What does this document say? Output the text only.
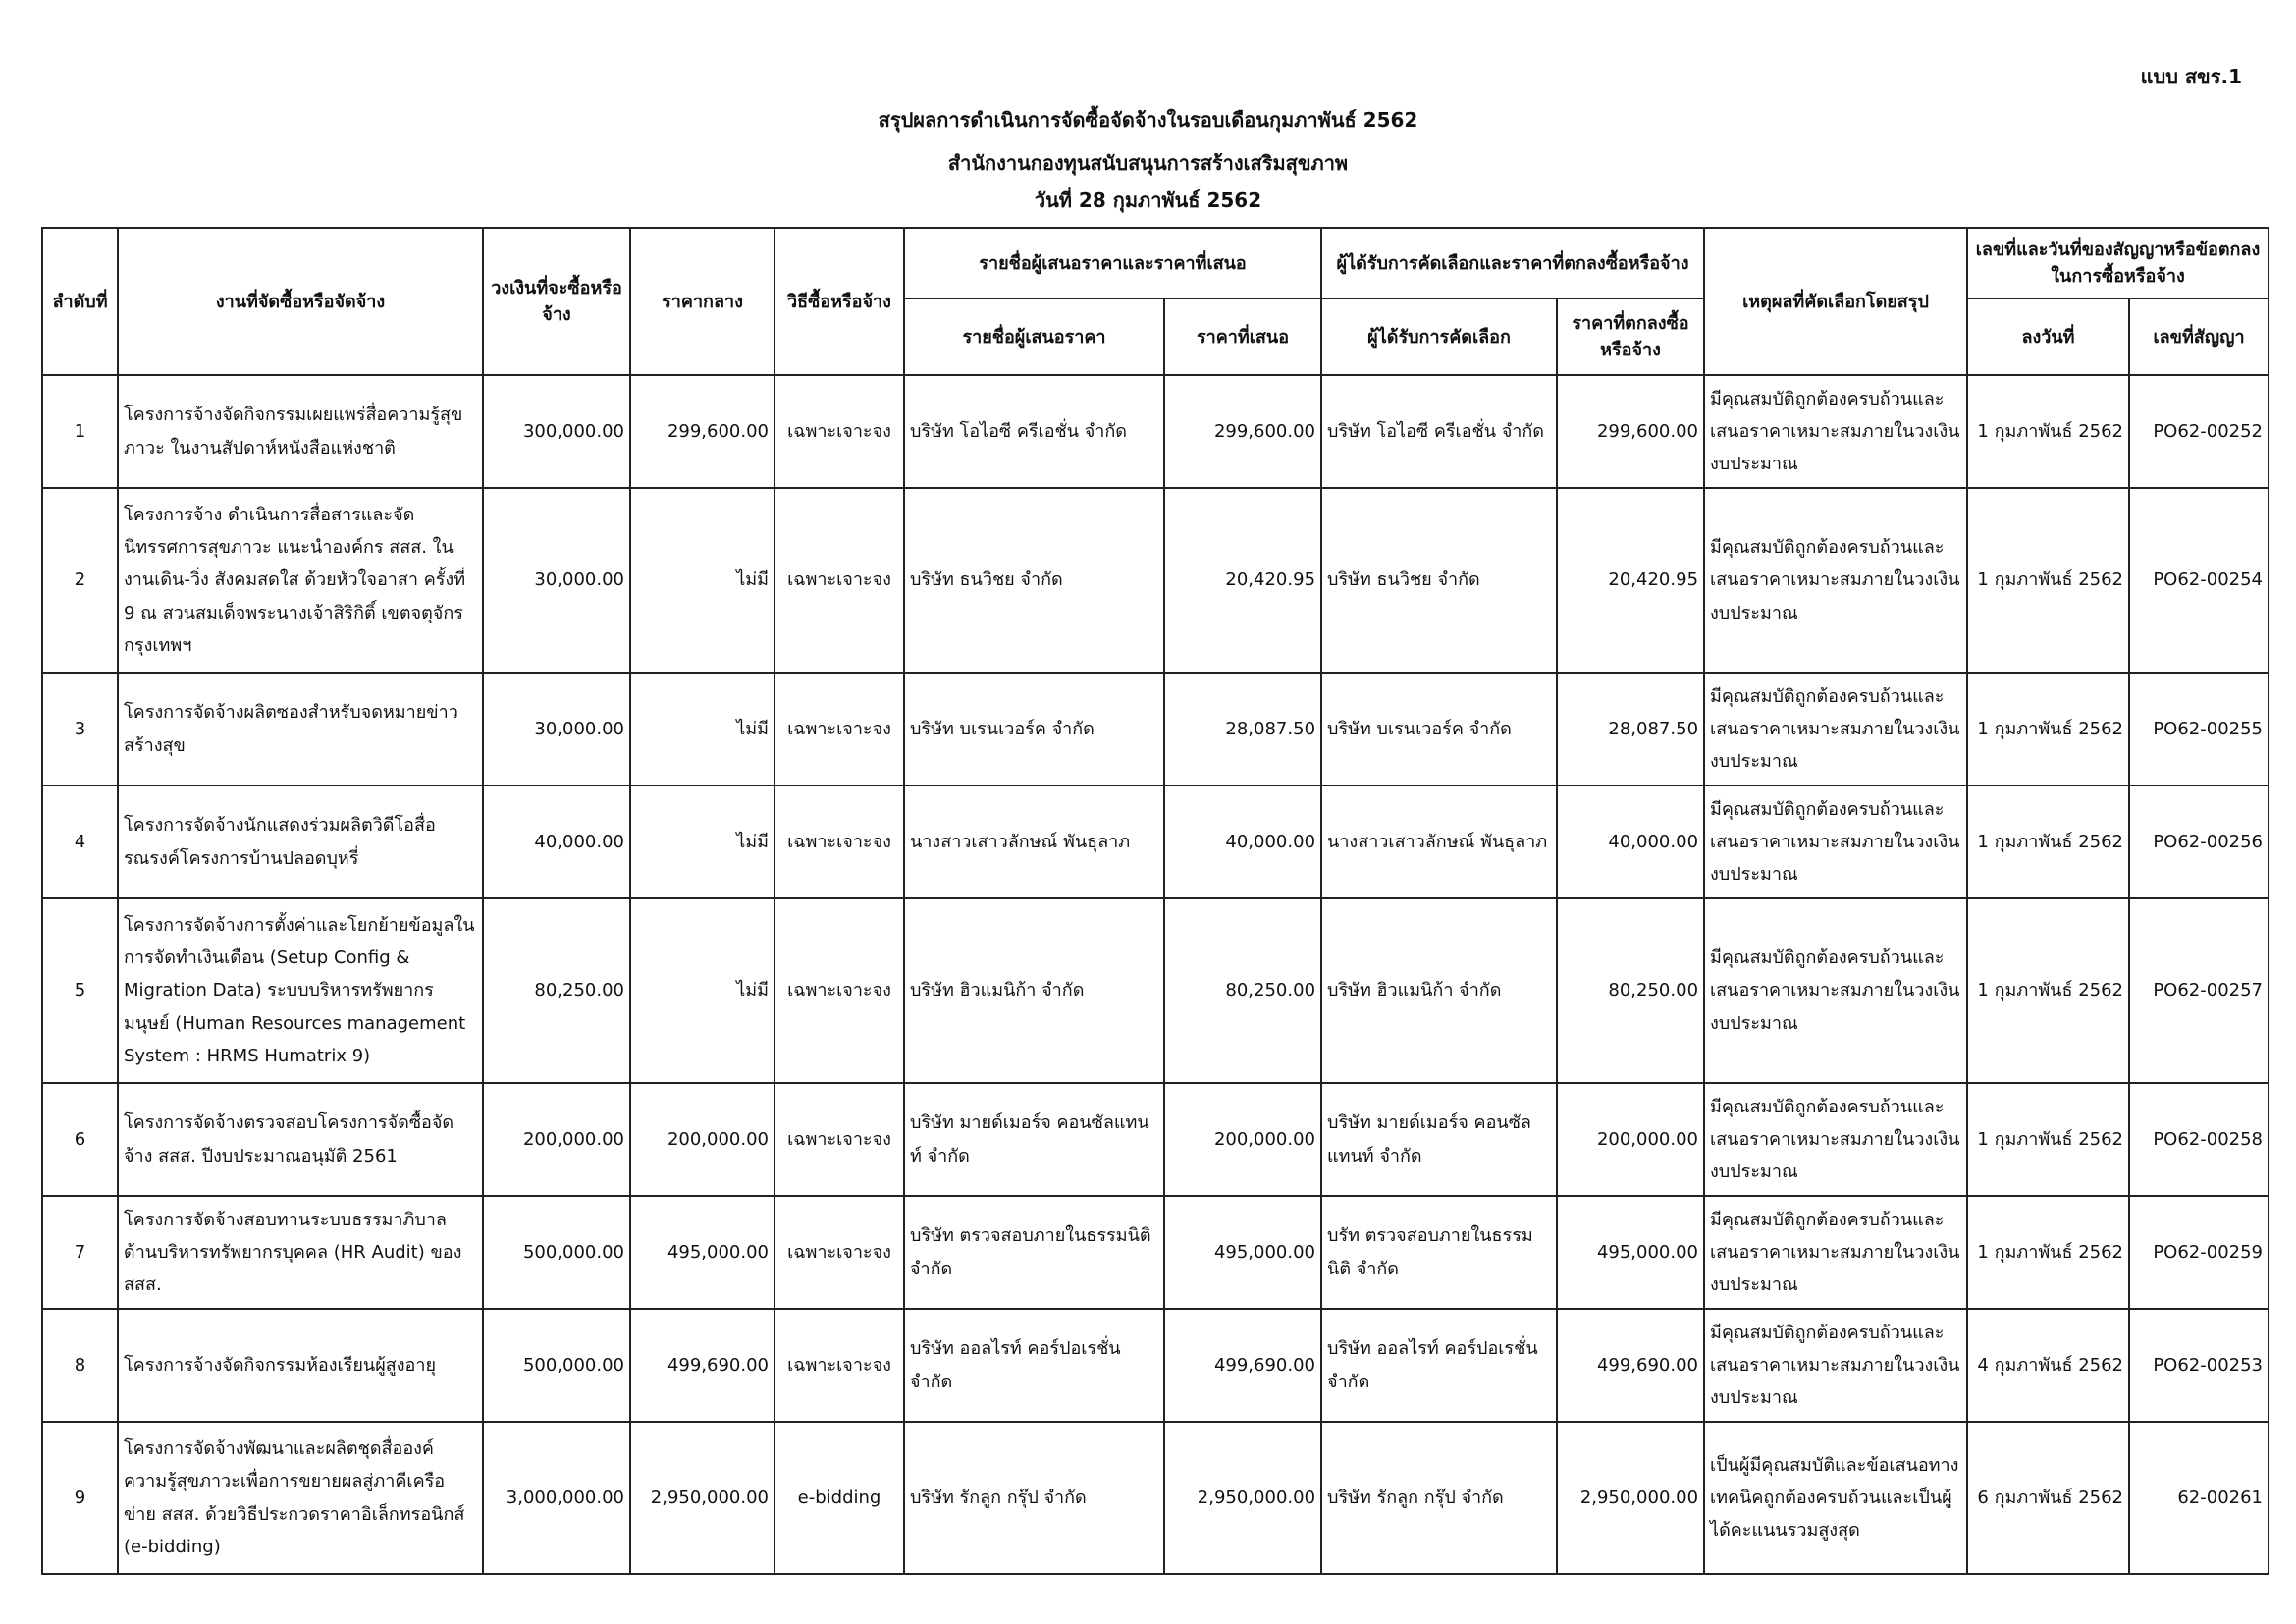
แบบ สขร.1
สรุปผลการดำเนินการจัดซื้อจัดจ้างในรอบเดือนกุมภาพันธ์ 2562
สำนักงานกองทุนสนับสนุนการสร้างเสริมสุขภาพ
วันที่ 28 กุมภาพันธ์ 2562
ลำดับที่	งานที่จัดซื้อหรือจัดจ้าง	วงเงินที่จะซื้อหรือจ้าง	ราคากลาง	วิธีซื้อหรือจ้าง	รายชื่อผู้เสนอราคาและราคาที่เสนอ		ผู้ได้รับการคัดเลือกและราคาที่ตกลงซื้อหรือจ้าง		เหตุผลที่คัดเลือกโดยสรุป	เลขที่และวันที่ของสัญญาหรือข้อตกลงในการซื้อหรือจ้าง	
					รายชื่อผู้เสนอราคา	ราคาที่เสนอ	ผู้ได้รับการคัดเลือก	ราคาที่ตกลงซื้อหรือจ้าง		ลงวันที่	เลขที่สัญญา
1	โครงการจ้างจัดกิจกรรมเผยแพร่สื่อความรู้สุขภาวะ ในงานสัปดาห์หนังสือแห่งชาติ	300,000.00	299,600.00	เฉพาะเจาะจง	บริษัท โอไอซี ครีเอชั่น จำกัด	299,600.00	บริษัท โอไอซี ครีเอชั่น จำกัด	299,600.00	มีคุณสมบัติถูกต้องครบถ้วนและเสนอราคาเหมาะสมภายในวงเงินงบประมาณ	1 กุมภาพันธ์ 2562	PO62-00252
2	โครงการจ้าง ดำเนินการสื่อสารและจัดนิทรรศการสุขภาวะ แนะนำองค์กร สสส. ในงานเดิน-วิ่ง สังคมสดใส ด้วยหัวใจอาสา ครั้งที่ 9 ณ สวนสมเด็จพระนางเจ้าสิริกิติ์ เขตจตุจักร กรุงเทพฯ	30,000.00	ไม่มี	เฉพาะเจาะจง	บริษัท ธนวิชย จำกัด	20,420.95	บริษัท ธนวิชย จำกัด	20,420.95	มีคุณสมบัติถูกต้องครบถ้วนและเสนอราคาเหมาะสมภายในวงเงินงบประมาณ	1 กุมภาพันธ์ 2562	PO62-00254
3	โครงการจัดจ้างผลิตซองสำหรับจดหมายข่าวสร้างสุข	30,000.00	ไม่มี	เฉพาะเจาะจง	บริษัท บเรนเวอร์ค จำกัด	28,087.50	บริษัท บเรนเวอร์ค จำกัด	28,087.50	มีคุณสมบัติถูกต้องครบถ้วนและเสนอราคาเหมาะสมภายในวงเงินงบประมาณ	1 กุมภาพันธ์ 2562	PO62-00255
4	โครงการจัดจ้างนักแสดงร่วมผลิตวิดีโอสื่อรณรงค์โครงการบ้านปลอดบุหรี่	40,000.00	ไม่มี	เฉพาะเจาะจง	นางสาวเสาวลักษณ์ พันธุลาภ	40,000.00	นางสาวเสาวลักษณ์ พันธุลาภ	40,000.00	มีคุณสมบัติถูกต้องครบถ้วนและเสนอราคาเหมาะสมภายในวงเงินงบประมาณ	1 กุมภาพันธ์ 2562	PO62-00256
5	โครงการจัดจ้างการตั้งค่าและโยกย้ายข้อมูลในการจัดทำเงินเดือน (Setup Config & Migration Data) ระบบบริหารทรัพยากรมนุษย์ (Human Resources management System : HRMS Humatrix 9)	80,250.00	ไม่มี	เฉพาะเจาะจง	บริษัท ฮิวแมนิก้า จำกัด	80,250.00	บริษัท ฮิวแมนิก้า จำกัด	80,250.00	มีคุณสมบัติถูกต้องครบถ้วนและเสนอราคาเหมาะสมภายในวงเงินงบประมาณ	1 กุมภาพันธ์ 2562	PO62-00257
6	โครงการจัดจ้างตรวจสอบโครงการจัดซื้อจัดจ้าง สสส. ปีงบประมาณอนุมัติ 2561	200,000.00	200,000.00	เฉพาะเจาะจง	บริษัท มายด์เมอร์จ คอนซัลแทนท์ จำกัด	200,000.00	บริษัท มายด์เมอร์จ คอนซัลแทนท์ จำกัด	200,000.00	มีคุณสมบัติถูกต้องครบถ้วนและเสนอราคาเหมาะสมภายในวงเงินงบประมาณ	1 กุมภาพันธ์ 2562	PO62-00258
7	โครงการจัดจ้างสอบทานระบบธรรมาภิบาลด้านบริหารทรัพยากรบุคคล (HR Audit) ของ สสส.	500,000.00	495,000.00	เฉพาะเจาะจง	บริษัท ตรวจสอบภายในธรรมนิติ จำกัด	495,000.00	บรัท ตรวจสอบภายในธรรมนิติ จำกัด	495,000.00	มีคุณสมบัติถูกต้องครบถ้วนและเสนอราคาเหมาะสมภายในวงเงินงบประมาณ	1 กุมภาพันธ์ 2562	PO62-00259
8	โครงการจ้างจัดกิจกรรมห้องเรียนผู้สูงอายุ	500,000.00	499,690.00	เฉพาะเจาะจง	บริษัท ออลไรท์ คอร์ปอเรชั่น จำกัด	499,690.00	บริษัท ออลไรท์ คอร์ปอเรชั่น จำกัด	499,690.00	มีคุณสมบัติถูกต้องครบถ้วนและเสนอราคาเหมาะสมภายในวงเงินงบประมาณ	4 กุมภาพันธ์ 2562	PO62-00253
9	โครงการจัดจ้างพัฒนาและผลิตชุดสื่อองค์ความรู้สุขภาวะเพื่อการขยายผลสู่ภาคีเครือข่าย สสส. ด้วยวิธีประกวดราคาอิเล็กทรอนิกส์ (e-bidding)	3,000,000.00	2,950,000.00	e-bidding	บริษัท รักลูก กรุ๊ป จำกัด	2,950,000.00	บริษัท รักลูก กรุ๊ป จำกัด	2,950,000.00	เป็นผู้มีคุณสมบัติและข้อเสนอทางเทคนิคถูกต้องครบถ้วนและเป็นผู้ได้คะแนนรวมสูงสุด	6 กุมภาพันธ์ 2562	62-00261
